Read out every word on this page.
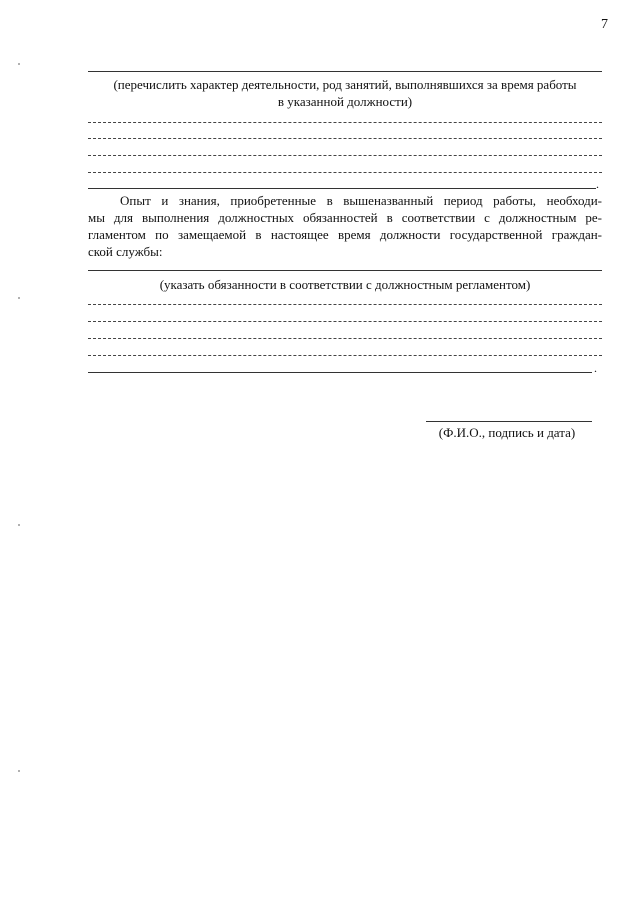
7

(перечислить характер деятельности, род занятий, выполнявшихся за время работы
в указанной должности)

.

Опыт и знания, приобретенные в вышеназванный период работы, необходи-
мы для выполнения должностных обязанностей в соответствии с должностным ре-
гламентом по замещаемой в настоящее время должности государственной граждан-
ской службы:

(указать обязанности в соответствии с должностным регламентом)

.
(Ф.И.О., подпись и дата)
